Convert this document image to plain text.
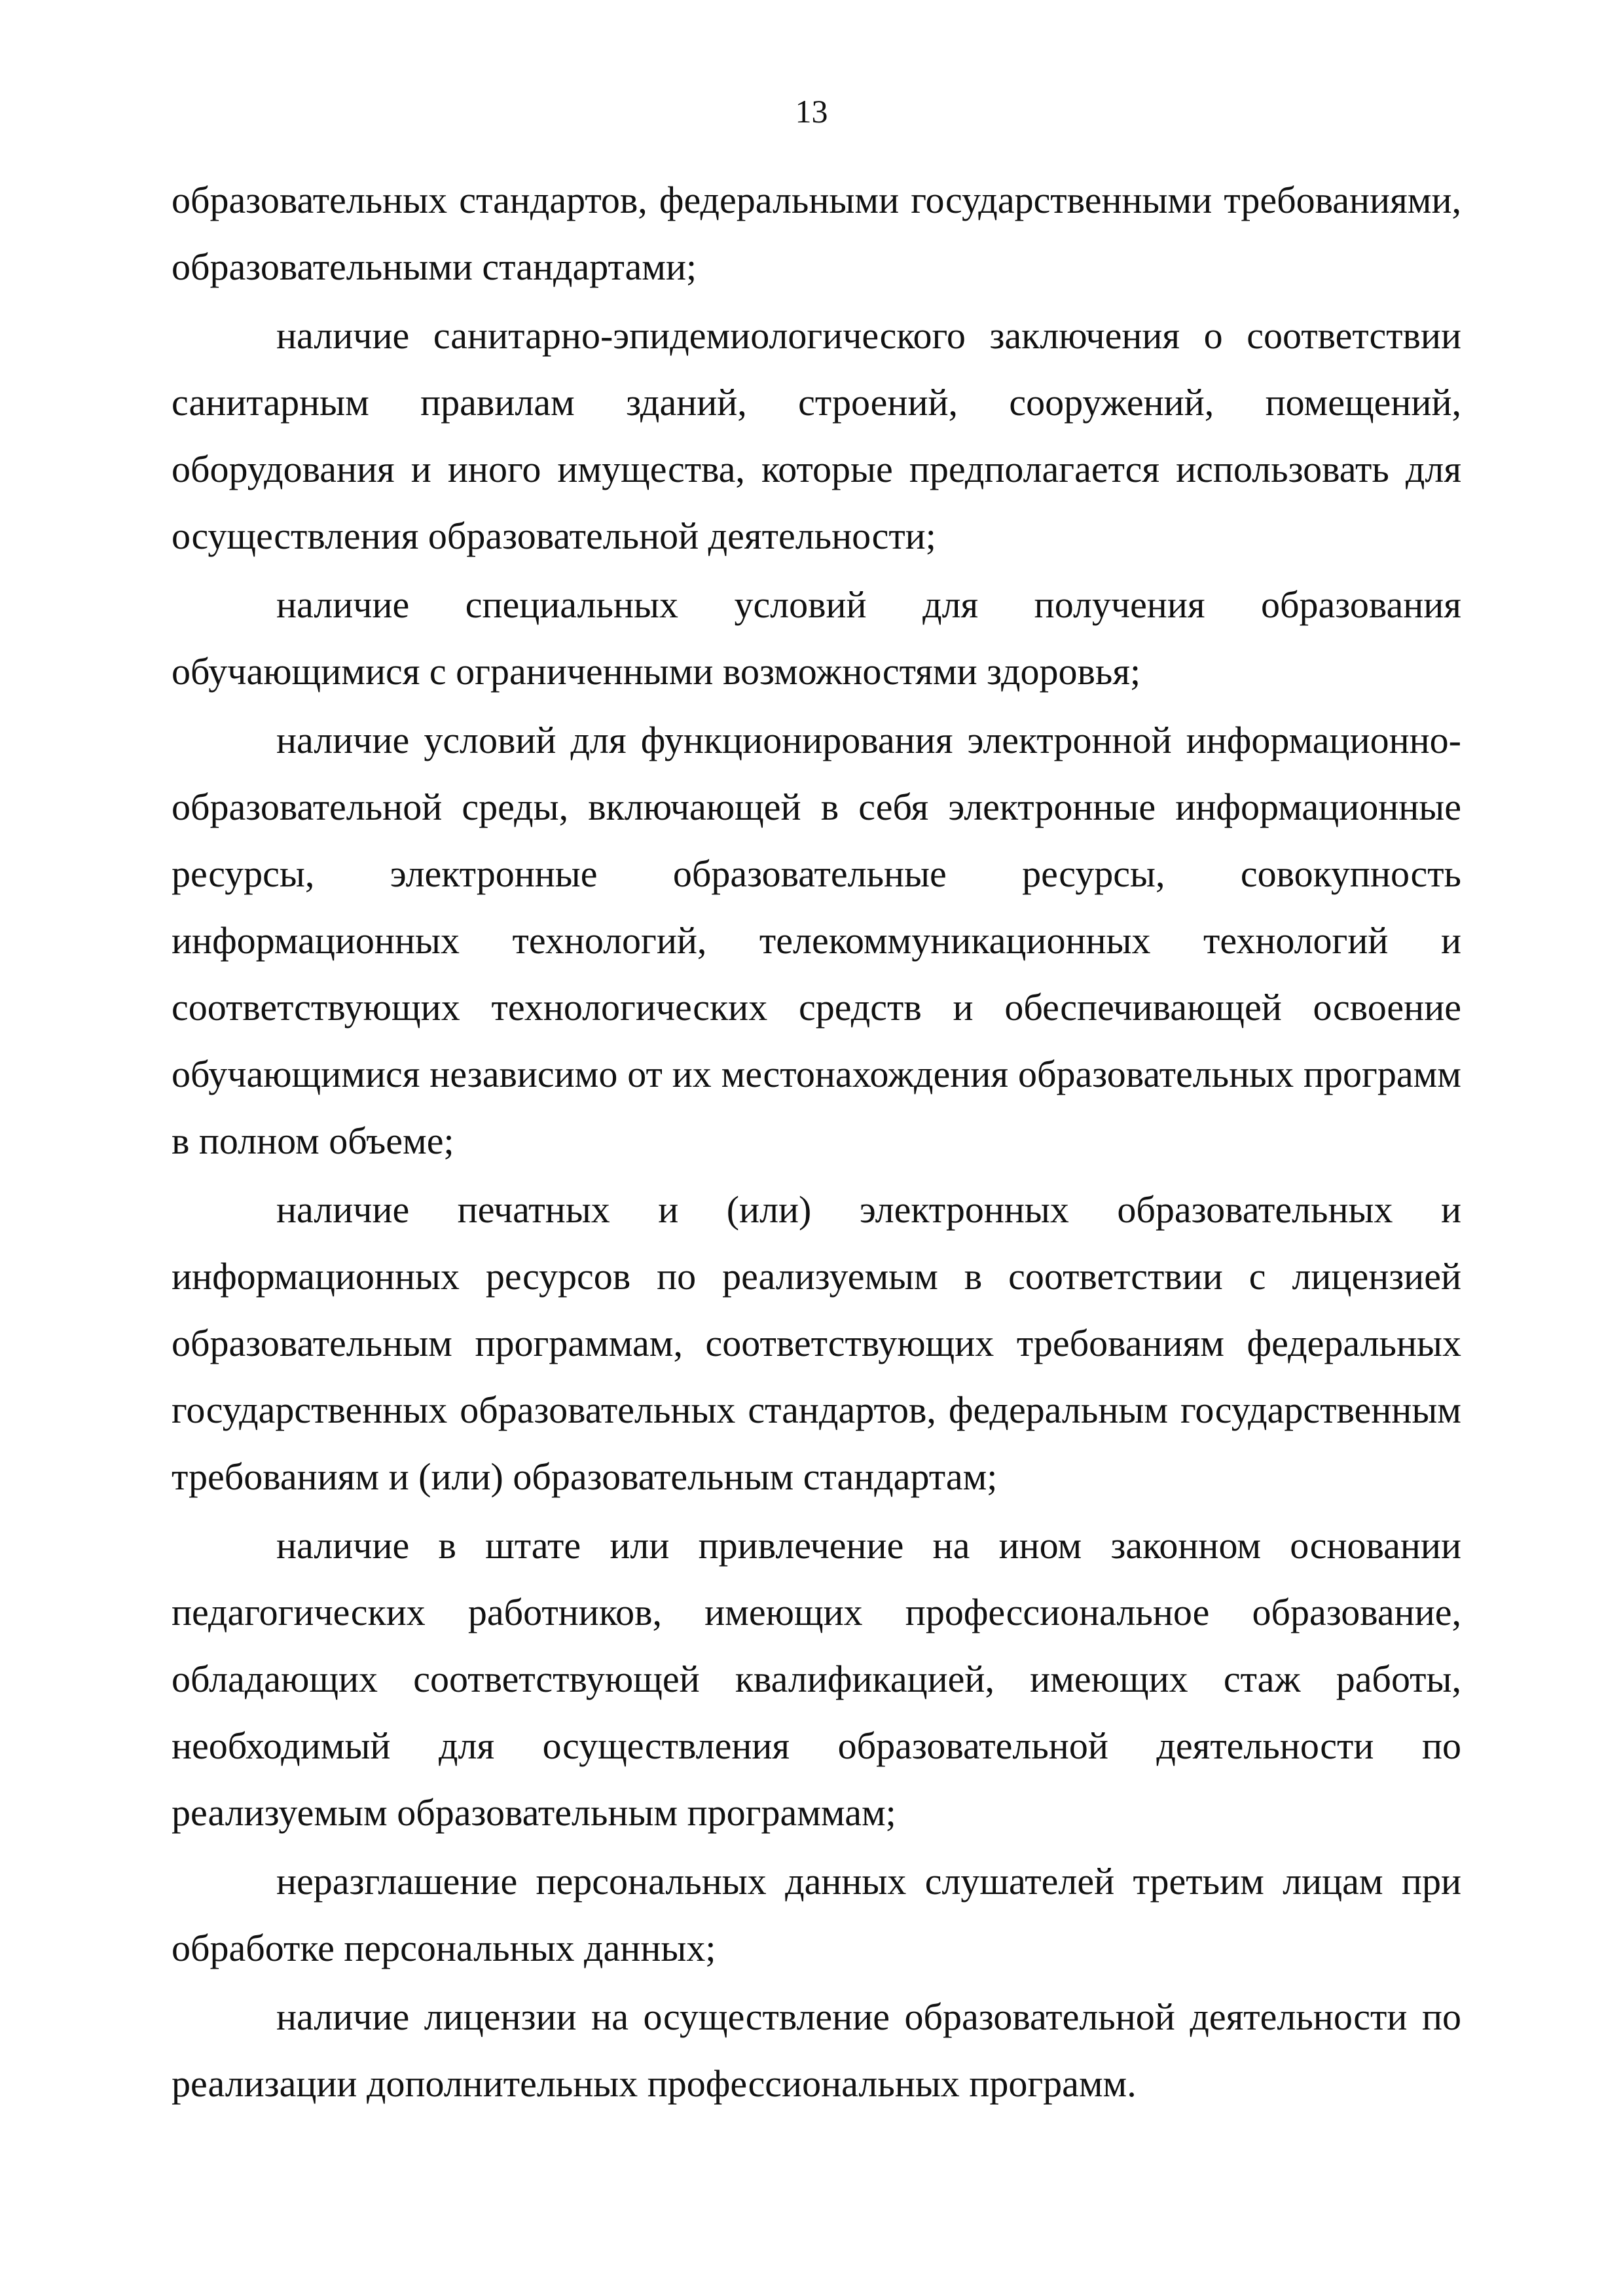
13

образовательных стандартов, федеральными государственными требованиями, образовательными стандартами;

наличие санитарно-эпидемиологического заключения о соответствии санитарным правилам зданий, строений, сооружений, помещений, оборудования и иного имущества, которые предполагается использовать для осуществления образовательной деятельности;

наличие специальных условий для получения образования обучающимися с ограниченными возможностями здоровья;

наличие условий для функционирования электронной информационно-образовательной среды, включающей в себя электронные информационные ресурсы, электронные образовательные ресурсы, совокупность информационных технологий, телекоммуникационных технологий и соответствующих технологических средств и обеспечивающей освоение обучающимися независимо от их местонахождения образовательных программ в полном объеме;

наличие печатных и (или) электронных образовательных и информационных ресурсов по реализуемым в соответствии с лицензией образовательным программам, соответствующих требованиям федеральных государственных образовательных стандартов, федеральным государственным требованиям и (или) образовательным стандартам;

наличие в штате или привлечение на ином законном основании педагогических работников, имеющих профессиональное образование, обладающих соответствующей квалификацией, имеющих стаж работы, необходимый для осуществления образовательной деятельности по реализуемым образовательным программам;

неразглашение персональных данных слушателей третьим лицам при обработке персональных данных;

наличие лицензии на осуществление образовательной деятельности по реализации дополнительных профессиональных программ.
